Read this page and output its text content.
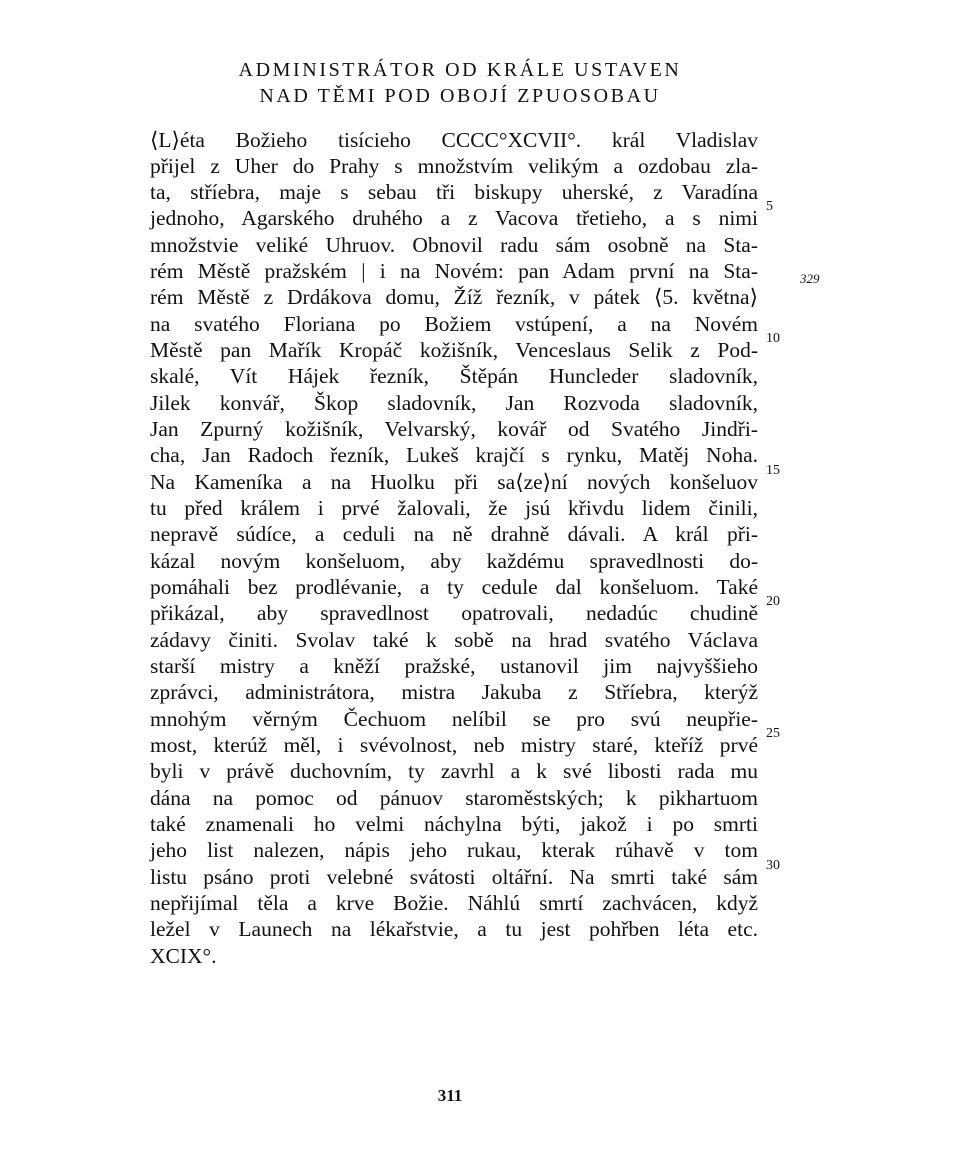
ADMINISTRÁTOR OD KRÁLE USTAVEN
NAD TĚMI POD OBOJÍ ZPUOSOBAU
⟨L⟩éta Božieho tisícieho CCCC°XCVII°. král Vladislav
přijel z Uher do Prahy s množstvím velikým a ozdobau zla-
ta, stříebra, maje s sebau tři biskupy uherské, z Varadína
jednoho, Agarského druhého a z Vacova třetieho, a s nimi
množstvie veliké Uhruov. Obnovil radu sám osobně na Sta-
rém Městě pražském | i na Novém: pan Adam první na Sta-
rém Městě z Drdákova domu, Žíž řezník, v pátek ⟨5. května⟩
na svatého Floriana po Božiem vstúpení, a na Novém
Městě pan Mařík Kropáč kožišník, Venceslaus Selik z Pod-
skalé, Vít Hájek řezník, Štěpán Huncleder sladovník,
Jilek konvář, Škop sladovník, Jan Rozvoda sladovník,
Jan Zpurný kožišník, Velvarský, kovář od Svatého Jindři-
cha, Jan Radoch řezník, Lukeš krajčí s rynku, Matěj Noha.
Na Kameníka a na Huolku při sa⟨ze⟩ní nových konšeluov
tu před králem i prvé žalovali, že jsú křivdu lidem činili,
nepravě súdíce, a ceduli na ně drahně dávali. A král při-
kázal novým konšeluom, aby každému spravedlnosti do-
pomáhali bez prodlévanie, a ty cedule dal konšeluom. Také
přikázal, aby spravedlnost opatrovali, nedadúc chudině
zádavy činiti. Svolav také k sobě na hrad svatého Václava
starší mistry a kněží pražské, ustanovil jim najvyššieho
zprávci, administrátora, mistra Jakuba z Stříebra, kterýž
mnohým věrným Čechuom nelíbil se pro svú neupřie-
most, kterúž měl, i svévolnost, neb mistry staré, kteříž prvé
byli v právě duchovním, ty zavrhl a k své libosti rada mu
dána na pomoc od pánuov staroměstských; k pikhartuom
také znamenali ho velmi náchylna býti, jakož i po smrti
jeho list nalezen, nápis jeho rukau, kterak rúhavě v tom
listu psáno proti velebné svátosti oltářní. Na smrti také sám
nepřijímal těla a krve Božie. Náhlú smrtí zachvácen, když
ležel v Launech na lékařstvie, a tu jest pohřben léta etc.
XCIX°.
5
10
15
20
25
30
329
311
